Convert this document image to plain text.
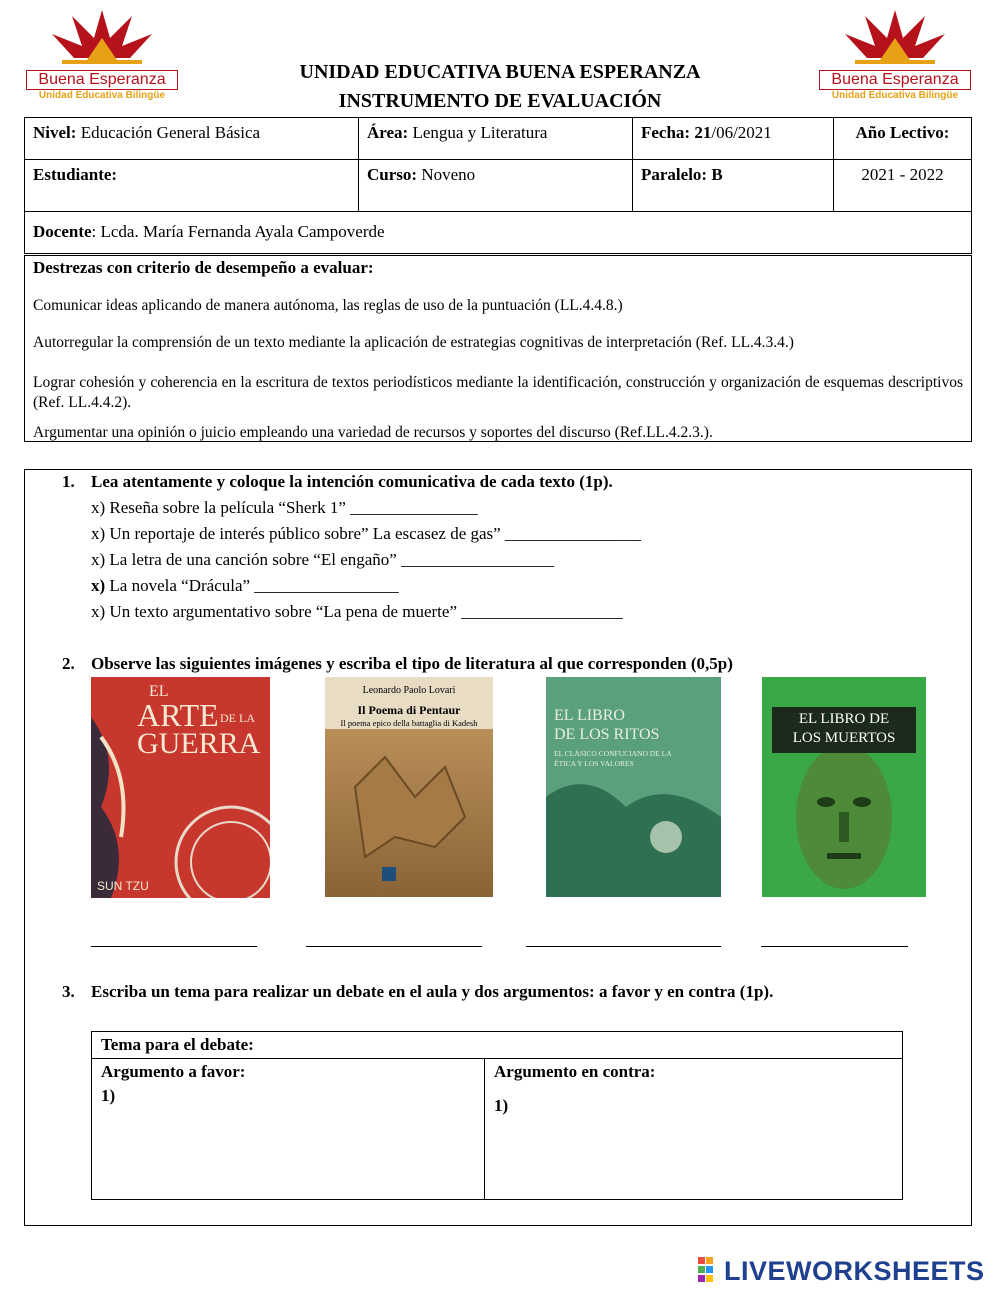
Buena Esperanza
Unidad Educativa Bilingüe
Buena Esperanza
Unidad Educativa Bilingüe
UNIDAD EDUCATIVA BUENA ESPERANZA
INSTRUMENTO DE EVALUACIÓN
Nivel: Educación General Básica	Área: Lengua y Literatura	Fecha: 21/06/2021	Año Lectivo:
Estudiante:	Curso: Noveno	Paralelo: B	2021 - 2022
Docente: Lcda. María Fernanda Ayala Campoverde			
Destrezas con criterio de desempeño a evaluar:
Comunicar ideas aplicando de manera autónoma, las reglas de uso de la puntuación (LL.4.4.8.)
Autorregular la comprensión de un texto mediante la aplicación de estrategias cognitivas de interpretación (Ref. LL.4.3.4.)
Lograr cohesión y coherencia en la escritura de textos periodísticos mediante la identificación, construcción y organización de esquemas descriptivos (Ref. LL.4.4.2).
Argumentar una opinión o juicio empleando una variedad de recursos y soportes del discurso (Ref.LL.4.2.3.).
1. Lea atentamente y coloque la intención comunicativa de cada texto (1p).
x) Reseña sobre la película “Sherk 1” _______________
x) Un reportaje de interés público sobre” La escasez de gas” ________________
x) La letra de una canción sobre “El engaño” __________________
x) La novela “Drácula” _________________
x) Un texto argumentativo sobre “La pena de muerte” ___________________
2. Observe las siguientes imágenes y escriba el tipo de literatura al que corresponden (0,5p)
EL
ARTE DE LA
GUERRA
SUN TZU
Leonardo Paolo Lovari
Il Poema di Pentaur
Il poema epico della battaglia di Kadesh	EL LIBRO
DE LOS RITOS
EL CLÁSICO CONFUCIANO DE LA ÉTICA Y LOS VALORES
EL LIBRO DE
LOS MUERTOS
3. Escriba un tema para realizar un debate en el aula y dos argumentos: a favor y en contra (1p).
Tema para el debate:

Argumento a favor:
1)

Argumento en contra:
1)
LIVEWORKSHEETS
